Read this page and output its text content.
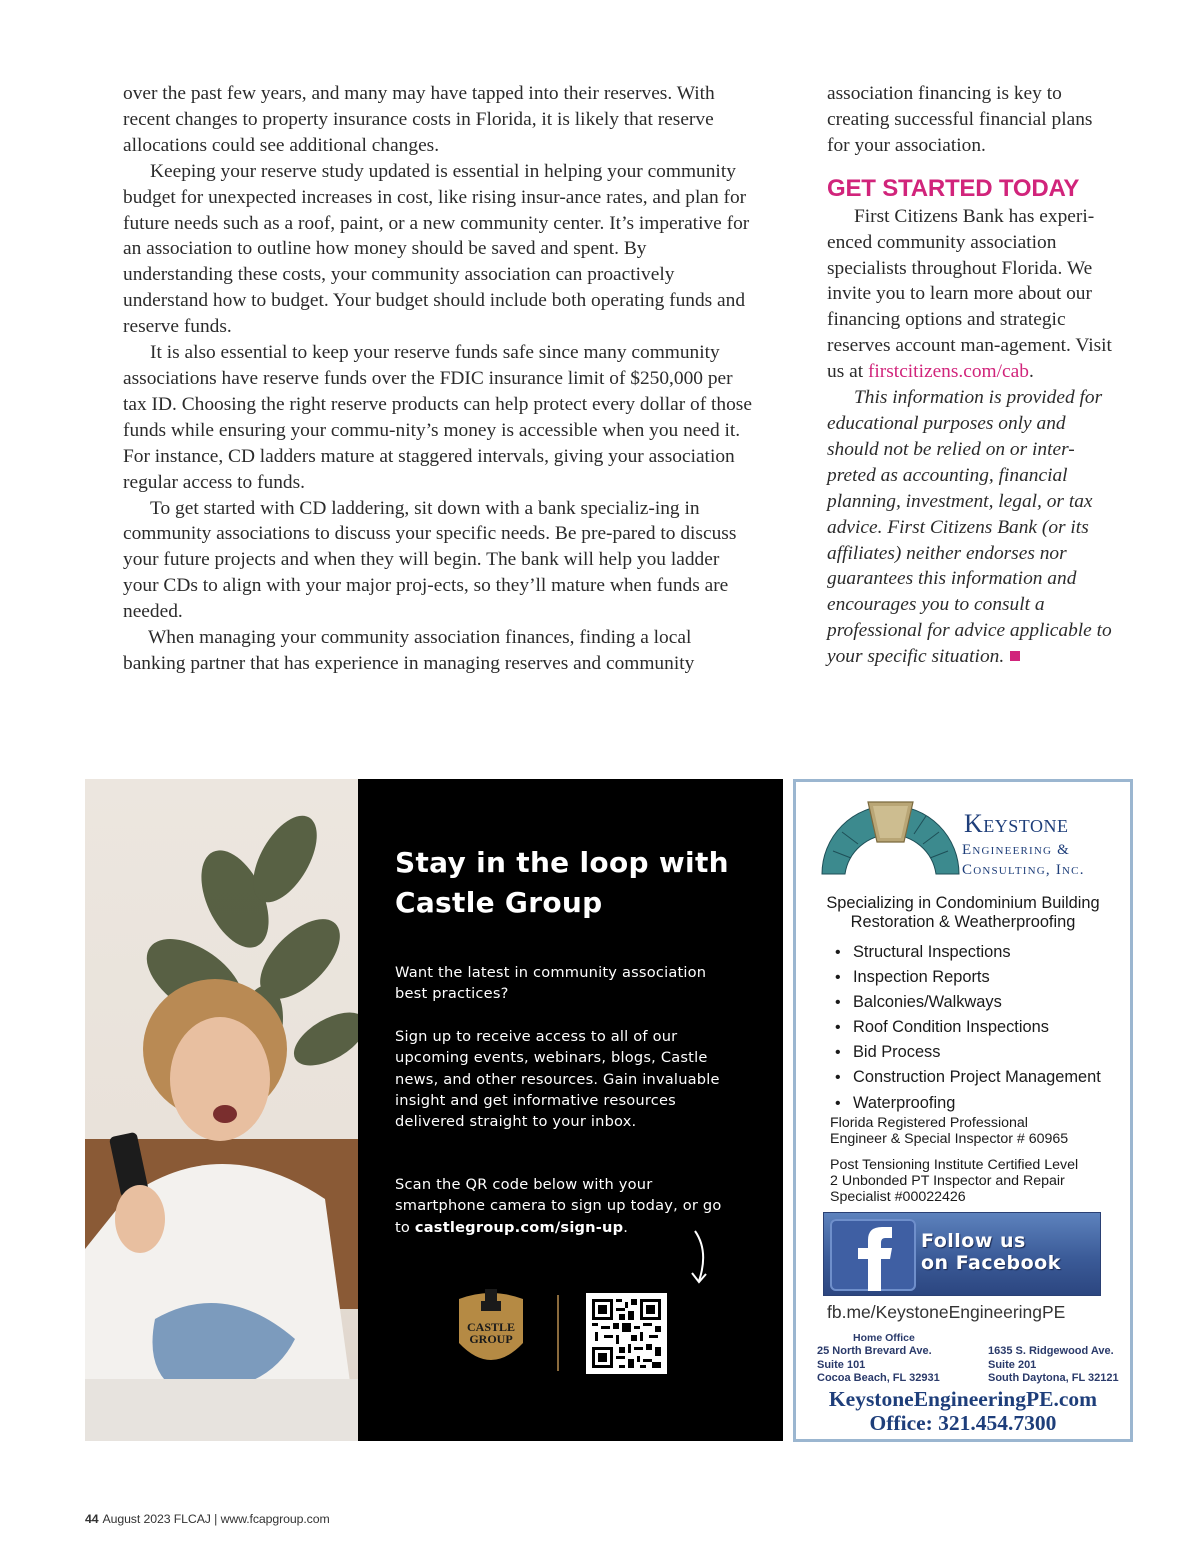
over the past few years, and many may have tapped into their reserves. With recent changes to property insurance costs in Florida, it is likely that reserve allocations could see additional changes.

Keeping your reserve study updated is essential in helping your community budget for unexpected increases in cost, like rising insur-ance rates, and plan for future needs such as a roof, paint, or a new community center. It’s imperative for an association to outline how money should be saved and spent. By understanding these costs, your community association can proactively understand how to budget. Your budget should include both operating funds and reserve funds.

It is also essential to keep your reserve funds safe since many community associations have reserve funds over the FDIC insurance limit of $250,000 per tax ID. Choosing the right reserve products can help protect every dollar of those funds while ensuring your commu-nity’s money is accessible when you need it. For instance, CD ladders mature at staggered intervals, giving your association regular access to funds.

To get started with CD laddering, sit down with a bank specializ-ing in community associations to discuss your specific needs. Be pre-pared to discuss your future projects and when they will begin. The bank will help you ladder your CDs to align with your major proj-ects, so they’ll mature when funds are needed.

When managing your community association finances, finding a local banking partner that has experience in managing reserves and community

association financing is key to creating successful financial plans for your association.

GET STARTED TODAY

First Citizens Bank has experi-enced community association specialists throughout Florida. We invite you to learn more about our financing options and strategic reserves account man-agement. Visit us at firstcitizens.com/cab.

This information is provided for educational purposes only and should not be relied on or inter-preted as accounting, financial planning, investment, legal, or tax advice. First Citizens Bank (or its affiliates) neither endorses nor guarantees this information and encourages you to consult a professional for advice applicable to your specific situation.

Stay in the loop with Castle Group
Want the latest in community association best practices?
Sign up to receive access to all of our upcoming events, webinars, blogs, Castle news, and other resources. Gain invaluable insight and get informative resources delivered straight to your inbox.
Scan the QR code below with your smartphone camera to sign up today, or go to castlegroup.com/sign-up.
CASTLE
GROUP
Keystone
Engineering &
Consulting, Inc.
Specializing in Condominium Building
Restoration & Weatherproofing
• Structural Inspections
• Inspection Reports
• Balconies/Walkways
• Roof Condition Inspections
• Bid Process
• Construction Project Management
• Waterproofing
Florida Registered Professional
Engineer & Special Inspector # 60965
Post Tensioning Institute Certified Level
2 Unbonded PT Inspector and Repair
Specialist #00022426
Follow us
on Facebook
fb.me/KeystoneEngineeringPE
Home Office
25 North Brevard Ave.
Suite 101
Cocoa Beach, FL 32931
1635 S. Ridgewood Ave.
Suite 201
South Daytona, FL 32121
KeystoneEngineeringPE.com
Office: 321.454.7300
44 August 2023 FLCAJ | www.fcapgroup.com
